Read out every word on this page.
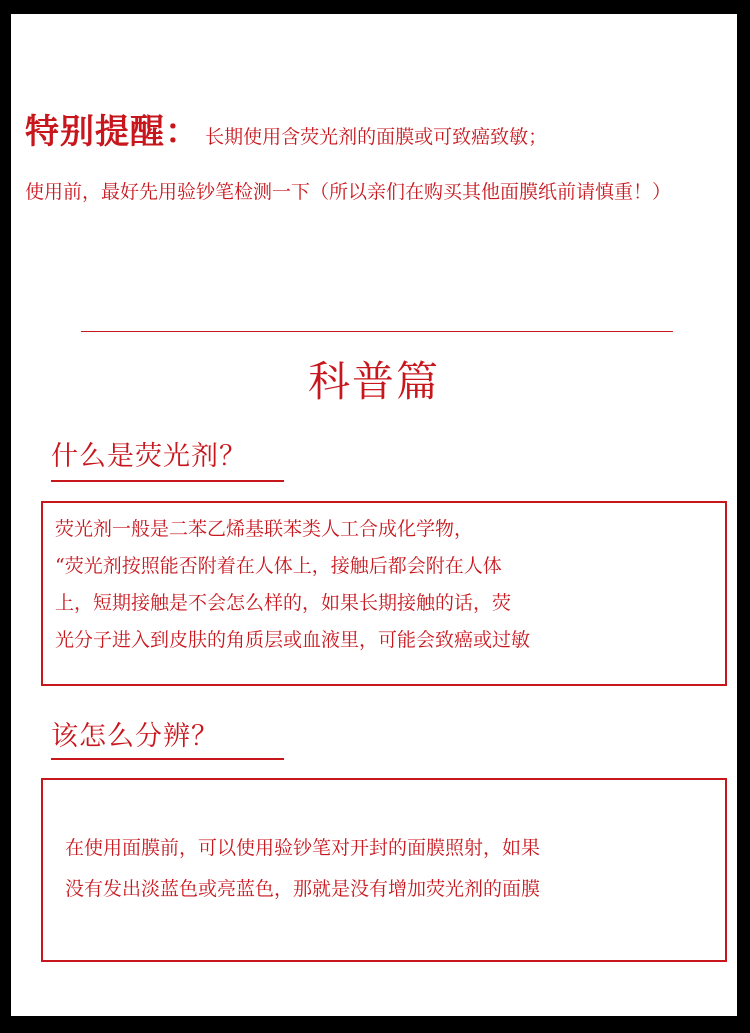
特别提醒： 长期使用含荧光剂的面膜或可致癌致敏；
使用前，最好先用验钞笔检测一下（所以亲们在购买其他面膜纸前请慎重！）
科普篇
什么是荧光剂？
荧光剂一般是二苯乙烯基联苯类人工合成化学物，
“荧光剂按照能否附着在人体上，接触后都会附在人体
上，短期接触是不会怎么样的，如果长期接触的话，荧
光分子进入到皮肤的角质层或血液里，可能会致癌或过敏
该怎么分辨？
在使用面膜前，可以使用验钞笔对开封的面膜照射，如果
没有发出淡蓝色或亮蓝色，那就是没有增加荧光剂的面膜
